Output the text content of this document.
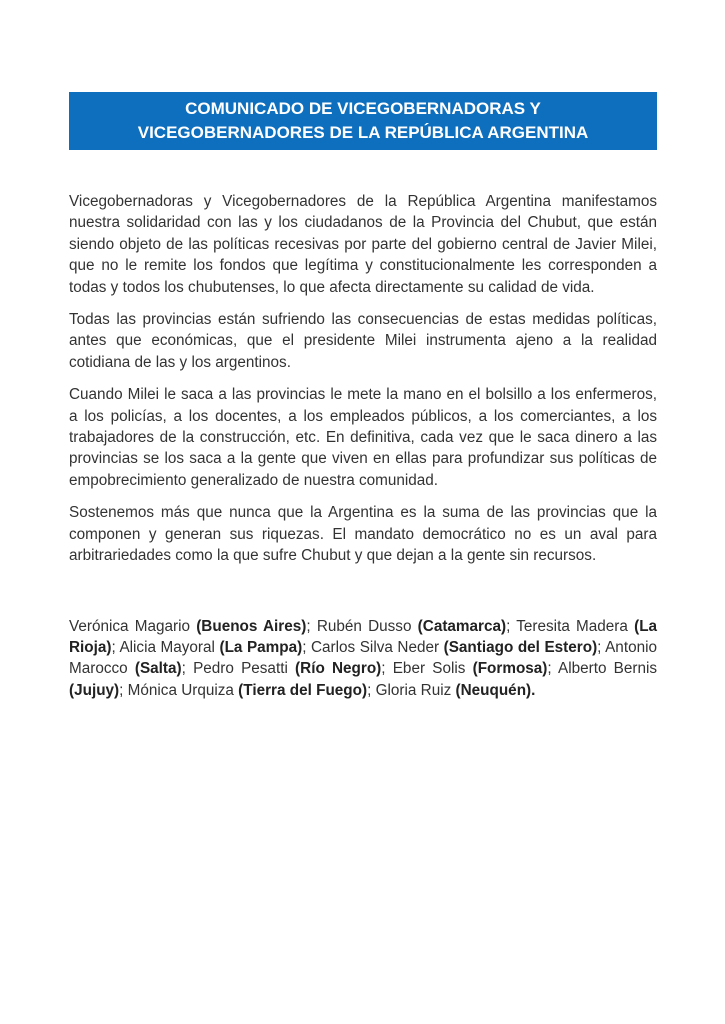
COMUNICADO DE VICEGOBERNADORAS Y
VICEGOBERNADORES DE LA REPÚBLICA ARGENTINA

Vicegobernadoras y Vicegobernadores de la República Argentina manifestamos nuestra solidaridad con las y los ciudadanos de la Provincia del Chubut, que están siendo objeto de las políticas recesivas por parte del gobierno central de Javier Milei, que no le remite los fondos que legítima y constitucionalmente les corresponden a todas y todos los chubutenses, lo que afecta directamente su calidad de vida.

Todas las provincias están sufriendo las consecuencias de estas medidas políticas, antes que económicas, que el presidente Milei instrumenta ajeno a la realidad cotidiana de las y los argentinos.

Cuando Milei le saca a las provincias le mete la mano en el bolsillo a los enfermeros, a los policías, a los docentes, a los empleados públicos, a los comerciantes, a los trabajadores de la construcción, etc. En definitiva, cada vez que le saca dinero a las provincias se los saca a la gente que viven en ellas para profundizar sus políticas de empobrecimiento generalizado de nuestra comunidad.

Sostenemos más que nunca que la Argentina es la suma de las provincias que la componen y generan sus riquezas. El mandato democrático no es un aval para arbitrariedades como la que sufre Chubut y que dejan a la gente sin recursos.

Verónica Magario (Buenos Aires); Rubén Dusso (Catamarca); Teresita Madera (La Rioja); Alicia Mayoral (La Pampa); Carlos Silva Neder (Santiago del Estero); Antonio Marocco (Salta); Pedro Pesatti (Río Negro); Eber Solis (Formosa); Alberto Bernis (Jujuy); Mónica Urquiza (Tierra del Fuego); Gloria Ruiz (Neuquén).
